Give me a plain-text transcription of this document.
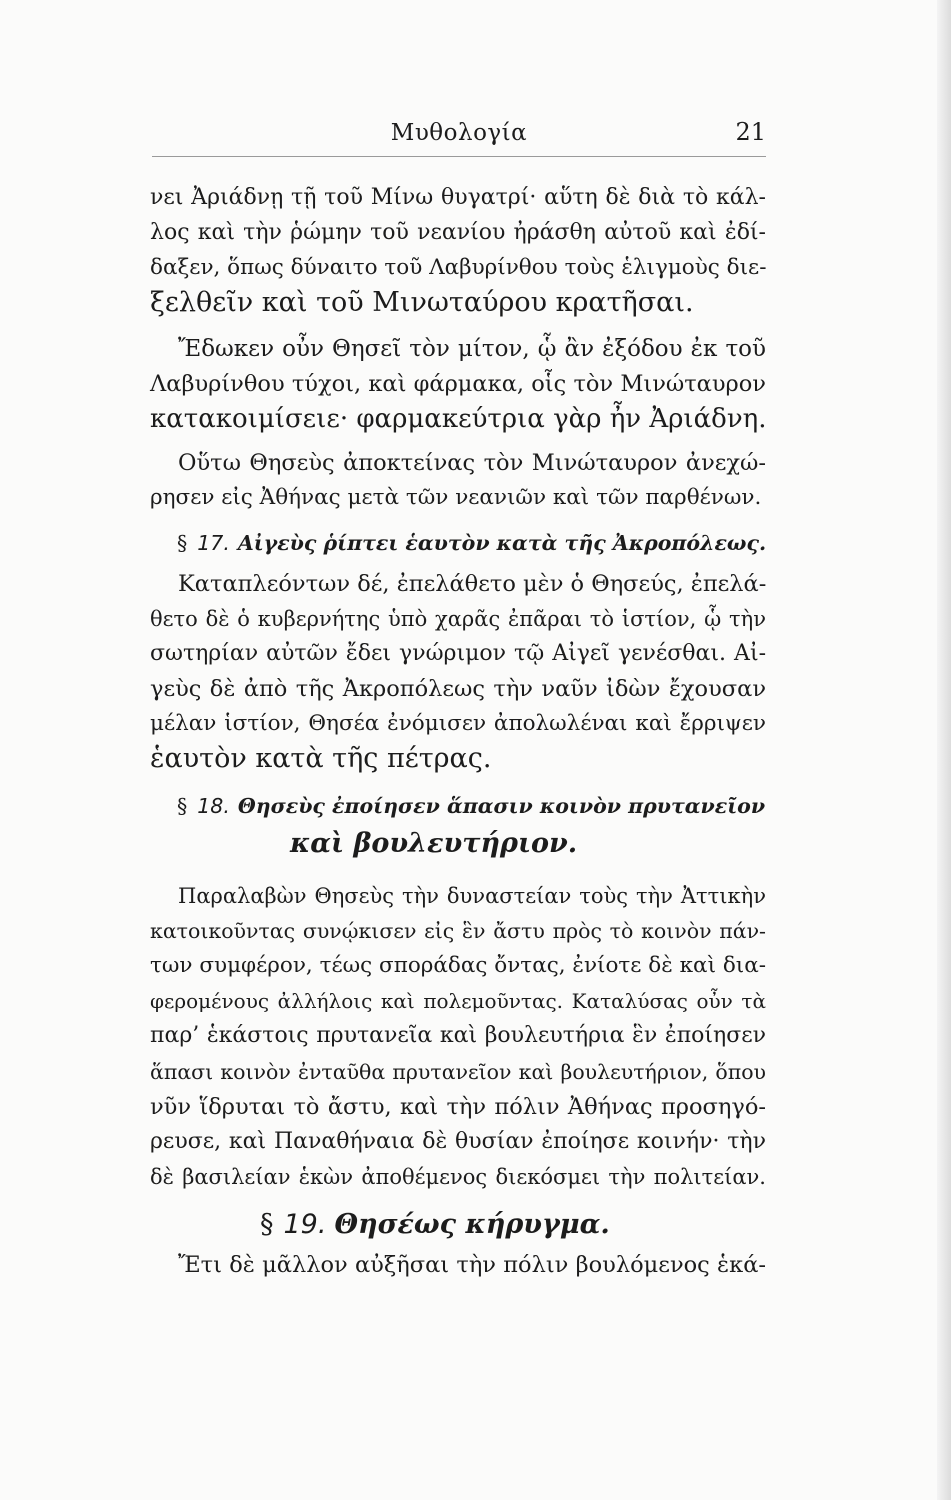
Μυθολογία	21
νει Ἀριάδνῃ τῇ τοῦ Μίνω θυγατρί· αὕτη δὲ διὰ τὸ κάλ-
λος καὶ τὴν ῥώμην τοῦ νεανίου ἠράσθη αὐτοῦ καὶ ἐδί-
δαξεν, ὅπως δύναιτο τοῦ Λαβυρίνθου τοὺς ἑλιγμοὺς διε-
ξελθεῖν καὶ τοῦ Μινωταύρου κρατῆσαι.
Ἔδωκεν οὖν Θησεῖ τὸν μίτον, ᾧ ἂν ἐξόδου ἐκ τοῦ
Λαβυρίνθου τύχοι, καὶ φάρμακα, οἷς τὸν Μινώταυρον
κατακοιμίσειε· φαρμακεύτρια γὰρ ἦν Ἀριάδνη.
Οὕτω Θησεὺς ἀποκτείνας τὸν Μινώταυρον ἀνεχώ-
ρησεν εἰς Ἀθήνας μετὰ τῶν νεανιῶν καὶ τῶν παρθένων.
§ 17. Αἰγεὺς ῥίπτει ἑαυτὸν κατὰ τῆς Ἀκροπόλεως.
Καταπλεόντων δέ, ἐπελάθετο μὲν ὁ Θησεύς, ἐπελά-
θετο δὲ ὁ κυβερνήτης ὑπὸ χαρᾶς ἐπᾶραι τὸ ἱστίον, ᾧ τὴν
σωτηρίαν αὐτῶν ἔδει γνώριμον τῷ Αἰγεῖ γενέσθαι. Αἰ-
γεὺς δὲ ἀπὸ τῆς Ἀκροπόλεως τὴν ναῦν ἰδὼν ἔχουσαν
μέλαν ἱστίον, Θησέα ἐνόμισεν ἀπολωλέναι καὶ ἔρριψεν
ἑαυτὸν κατὰ τῆς πέτρας.
§ 18. Θησεὺς ἐποίησεν ἅπασιν κοινὸν πρυτανεῖον
καὶ βουλευτήριον.
Παραλαβὼν Θησεὺς τὴν δυναστείαν τοὺς τὴν Ἀττικὴν
κατοικοῦντας συνῴκισεν εἰς ἓν ἄστυ πρὸς τὸ κοινὸν πάν-
των συμφέρον, τέως σποράδας ὄντας, ἐνίοτε δὲ καὶ δια-
φερομένους ἀλλήλοις καὶ πολεμοῦντας. Καταλύσας οὖν τὰ
παρ’ ἑκάστοις πρυτανεῖα καὶ βουλευτήρια ἓν ἐποίησεν
ἅπασι κοινὸν ἐνταῦθα πρυτανεῖον καὶ βουλευτήριον, ὅπου
νῦν ἵδρυται τὸ ἄστυ, καὶ τὴν πόλιν Ἀθήνας προσηγό-
ρευσε, καὶ Παναθήναια δὲ θυσίαν ἐποίησε κοινήν· τὴν
δὲ βασιλείαν ἑκὼν ἀποθέμενος διεκόσμει τὴν πολιτείαν.
§ 19. Θησέως κήρυγμα.
Ἔτι δὲ μᾶλλον αὐξῆσαι τὴν πόλιν βουλόμενος ἑκά-
